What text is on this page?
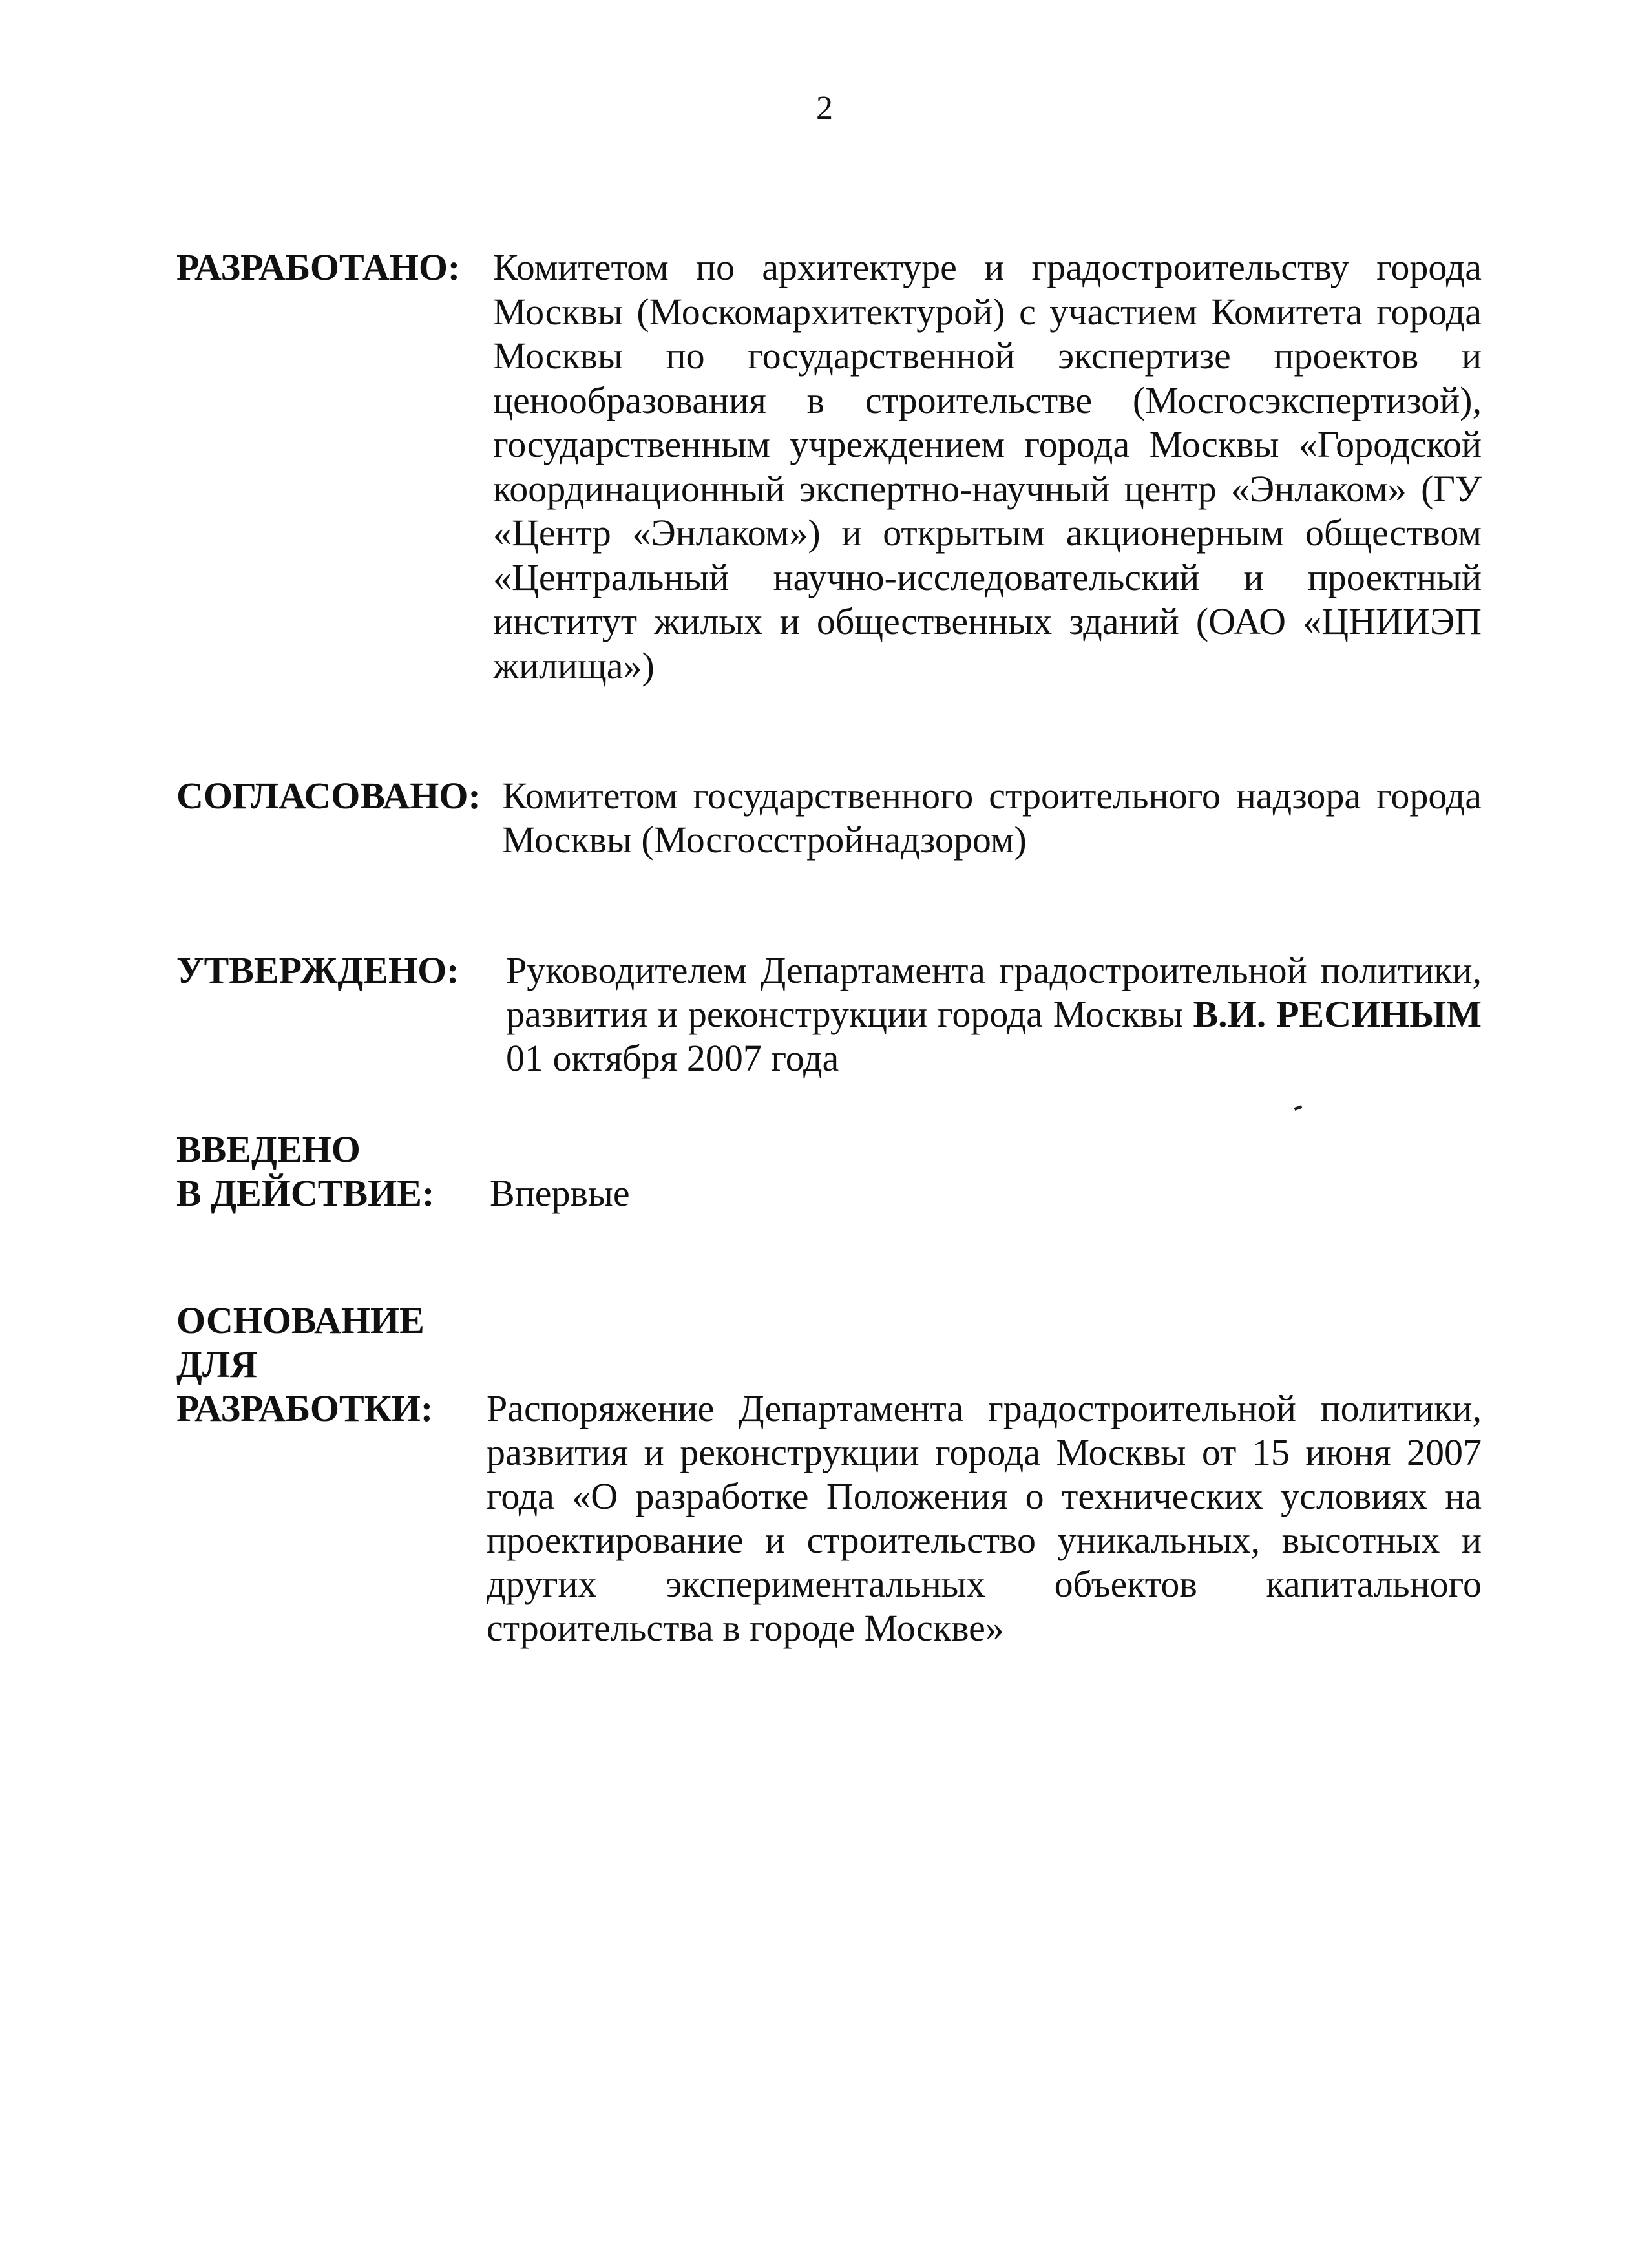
2
РАЗРАБОТАНО: Комитетом по архитектуре и градостроительству города Москвы (Москомархитектурой) с участием Комитета города Москвы по государственной экспертизе проектов и ценообразования в строительстве (Мосгосэкспертизой), государственным учреждением города Москвы «Городской координационный экспертно-научный центр «Энлаком» (ГУ «Центр «Энлаком») и открытым акционерным обществом «Центральный научно-исследовательский и проектный институт жилых и общественных зданий (ОАО «ЦНИИЭП жилища»)
СОГЛАСОВАНО: Комитетом государственного строительного надзора города Москвы (Мосгосстройнадзором)
УТВЕРЖДЕНО: Руководителем Департамента градостроительной политики, развития и реконструкции города Москвы В.И. РЕСИНЫМ 01 октября 2007 года
ВВЕДЕНО
В ДЕЙСТВИЕ: Впервые
ОСНОВАНИЕ
ДЛЯ
РАЗРАБОТКИ: Распоряжение Департамента градостроительной политики, развития и реконструкции города Москвы от 15 июня 2007 года «О разработке Положения о технических условиях на проектирование и строительство уникальных, высотных и других экспериментальных объектов капитального строительства в городе Москве»
